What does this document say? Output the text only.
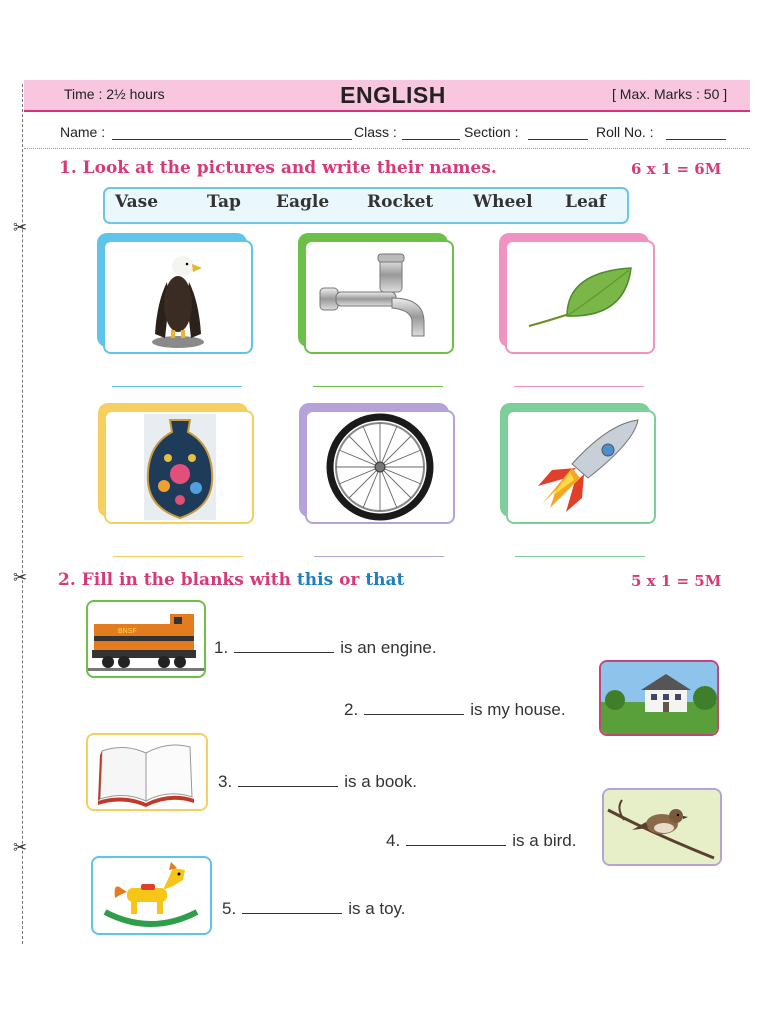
✂
✂
✂
Time : 2½ hours	ENGLISH	[ Max. Marks : 50 ]
Name :	Class :	Section :	Roll No. :
1. Look at the pictures and write their names.	6 x 1 = 6M
Vase	Tap Eagle Rocket Wheel Leaf
2. Fill in the blanks with this or that	5 x 1 = 5M
BNSF
1.	is an engine.
2.	is my house.
3.	is a book.
4.	is a bird.
5.	is a toy.
